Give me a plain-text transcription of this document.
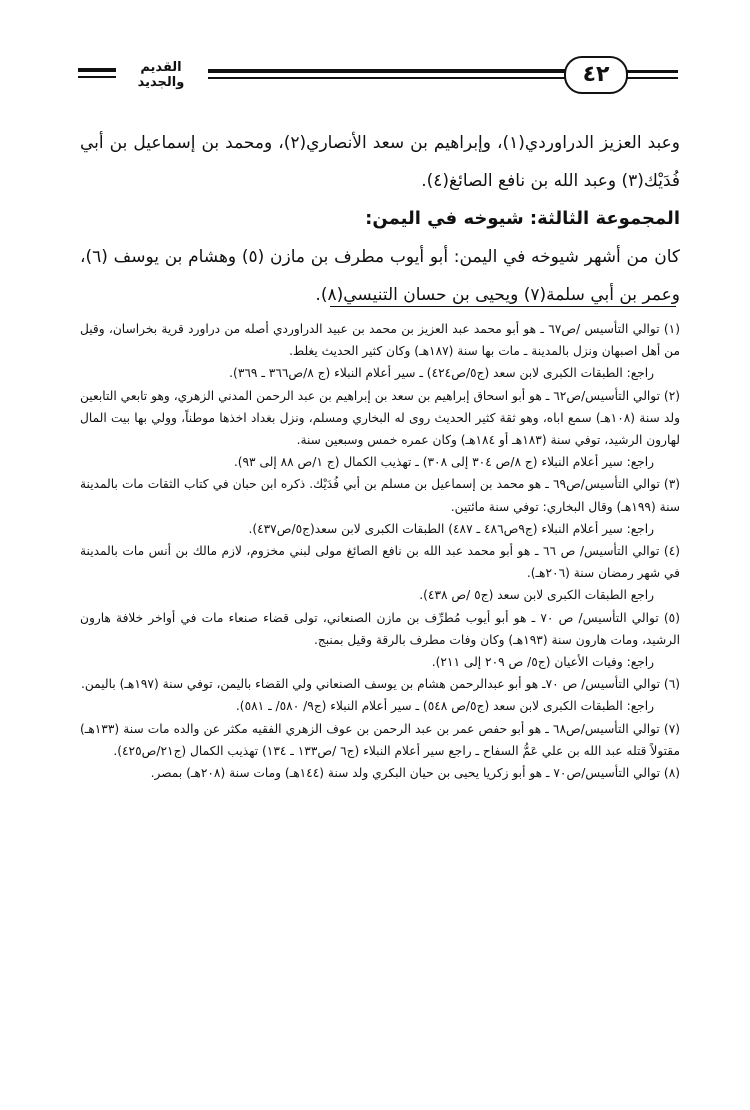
القديم والجديد	٤٢

وعبد العزيز الدراوردي(١)، وإبراهيم بن سعد الأنصاري(٢)، ومحمد بن إسماعيل بن أبي فُدَيْك(٣) وعبد الله بن نافع الصائغ(٤).

المجموعة الثالثة: شيوخه في اليمن:

كان من أشهر شيوخه في اليمن: أبو أيوب مطرف بن مازن (٥) وهشام بن يوسف (٦)، وعمر بن أبي سلمة(٧) ويحيى بن حسان التنيسي(٨).

(١) توالي التأسيس /ص٦٧ ـ هو أبو محمد عبد العزيز بن محمد بن عبيد الدراوردي أصله من دراورد قرية بخراسان، وقيل من أهل اصبهان ونزل بالمدينة ـ مات بها سنة (١٨٧هـ) وكان كثير الحديث يغلط.

راجع: الطبقات الكبرى لابن سعد (ج٥/ص٤٢٤) ـ سير أعلام النبلاء (ج ٨/ص٣٦٦ ـ ٣٦٩).

(٢) توالي التأسيس/ص٦٢ ـ هو أبو اسحاق إبراهيم بن سعد بن إبراهيم بن عبد الرحمن المدني الزهري، وهو تابعي التابعين ولد سنة (١٠٨هـ) سمع اباه، وهو ثقة كثير الحديث روى له البخاري ومسلم، ونزل بغداد اخذها موطناً، وولي بها بيت المال لهارون الرشيد، توفي سنة (١٨٣هـ أو ١٨٤هـ) وكان عمره خمس وسبعين سنة.

راجع: سير أعلام النبلاء (ج ٨/ص ٣٠٤ إلى ٣٠٨) ـ تهذيب الكمال (ج ١/ص ٨٨ إلى ٩٣).

(٣) توالي التأسيس/ص٦٩ ـ هو محمد بن إسماعيل بن مسلم بن أبي فُدَيْك. ذكره ابن حبان في كتاب الثقات مات بالمدينة سنة (١٩٩هـ) وقال البخاري: توفي سنة مائتين.

راجع: سير أعلام النبلاء (ج٩ص٤٨٦ ـ ٤٨٧) الطبقات الكبرى لابن سعد(ج٥/ص٤٣٧).

(٤) توالي التأسيس/ ص ٦٦ ـ هو أبو محمد عبد الله بن نافع الصائغ مولى لبني مخزوم، لازم مالك بن أنس مات بالمدينة في شهر رمضان سنة (٢٠٦هـ).

راجع الطبقات الكبرى لابن سعد (ج٥ /ص ٤٣٨).

(٥) توالي التأسيس/ ص ٧٠ ـ هو أبو أيوب مُطرِّف بن مازن الصنعاني، تولى قضاء صنعاء مات في أواخر خلافة هارون الرشيد، ومات هارون سنة (١٩٣هـ) وكان وفات مطرف بالرقة وقيل بمنبج.

راجع: وفيات الأعيان (ج٥/ ص ٢٠٩ إلى ٢١١).

(٦) توالي التأسيس/ ص ٧٠ـ هو أبو عبدالرحمن هشام بن يوسف الصنعاني ولي القضاء باليمن، توفي سنة (١٩٧هـ) باليمن.

راجع: الطبقات الكبرى لابن سعد (ج٥/ص ٥٤٨) ـ سير أعلام النبلاء (ج٩/ ٥٨٠/ ـ ٥٨١).

(٧) توالي التأسيس/ص٦٨ ـ هو أبو حفص عمر بن عبد الرحمن بن عوف الزهري الفقيه مكثر عن والده مات سنة (١٣٣هـ) مقتولاً قتله عبد الله بن علي عَمُّ السفاح ـ راجع سير أعلام النبلاء (ج٦ /ص١٣٣ ـ ١٣٤) تهذيب الكمال (ج٢١/ص٤٢٥).

(٨) توالي التأسيس/ص٧٠ ـ هو أبو زكريا يحيى بن حيان البكري ولد سنة (١٤٤هـ) ومات سنة (٢٠٨هـ) بمصر.
